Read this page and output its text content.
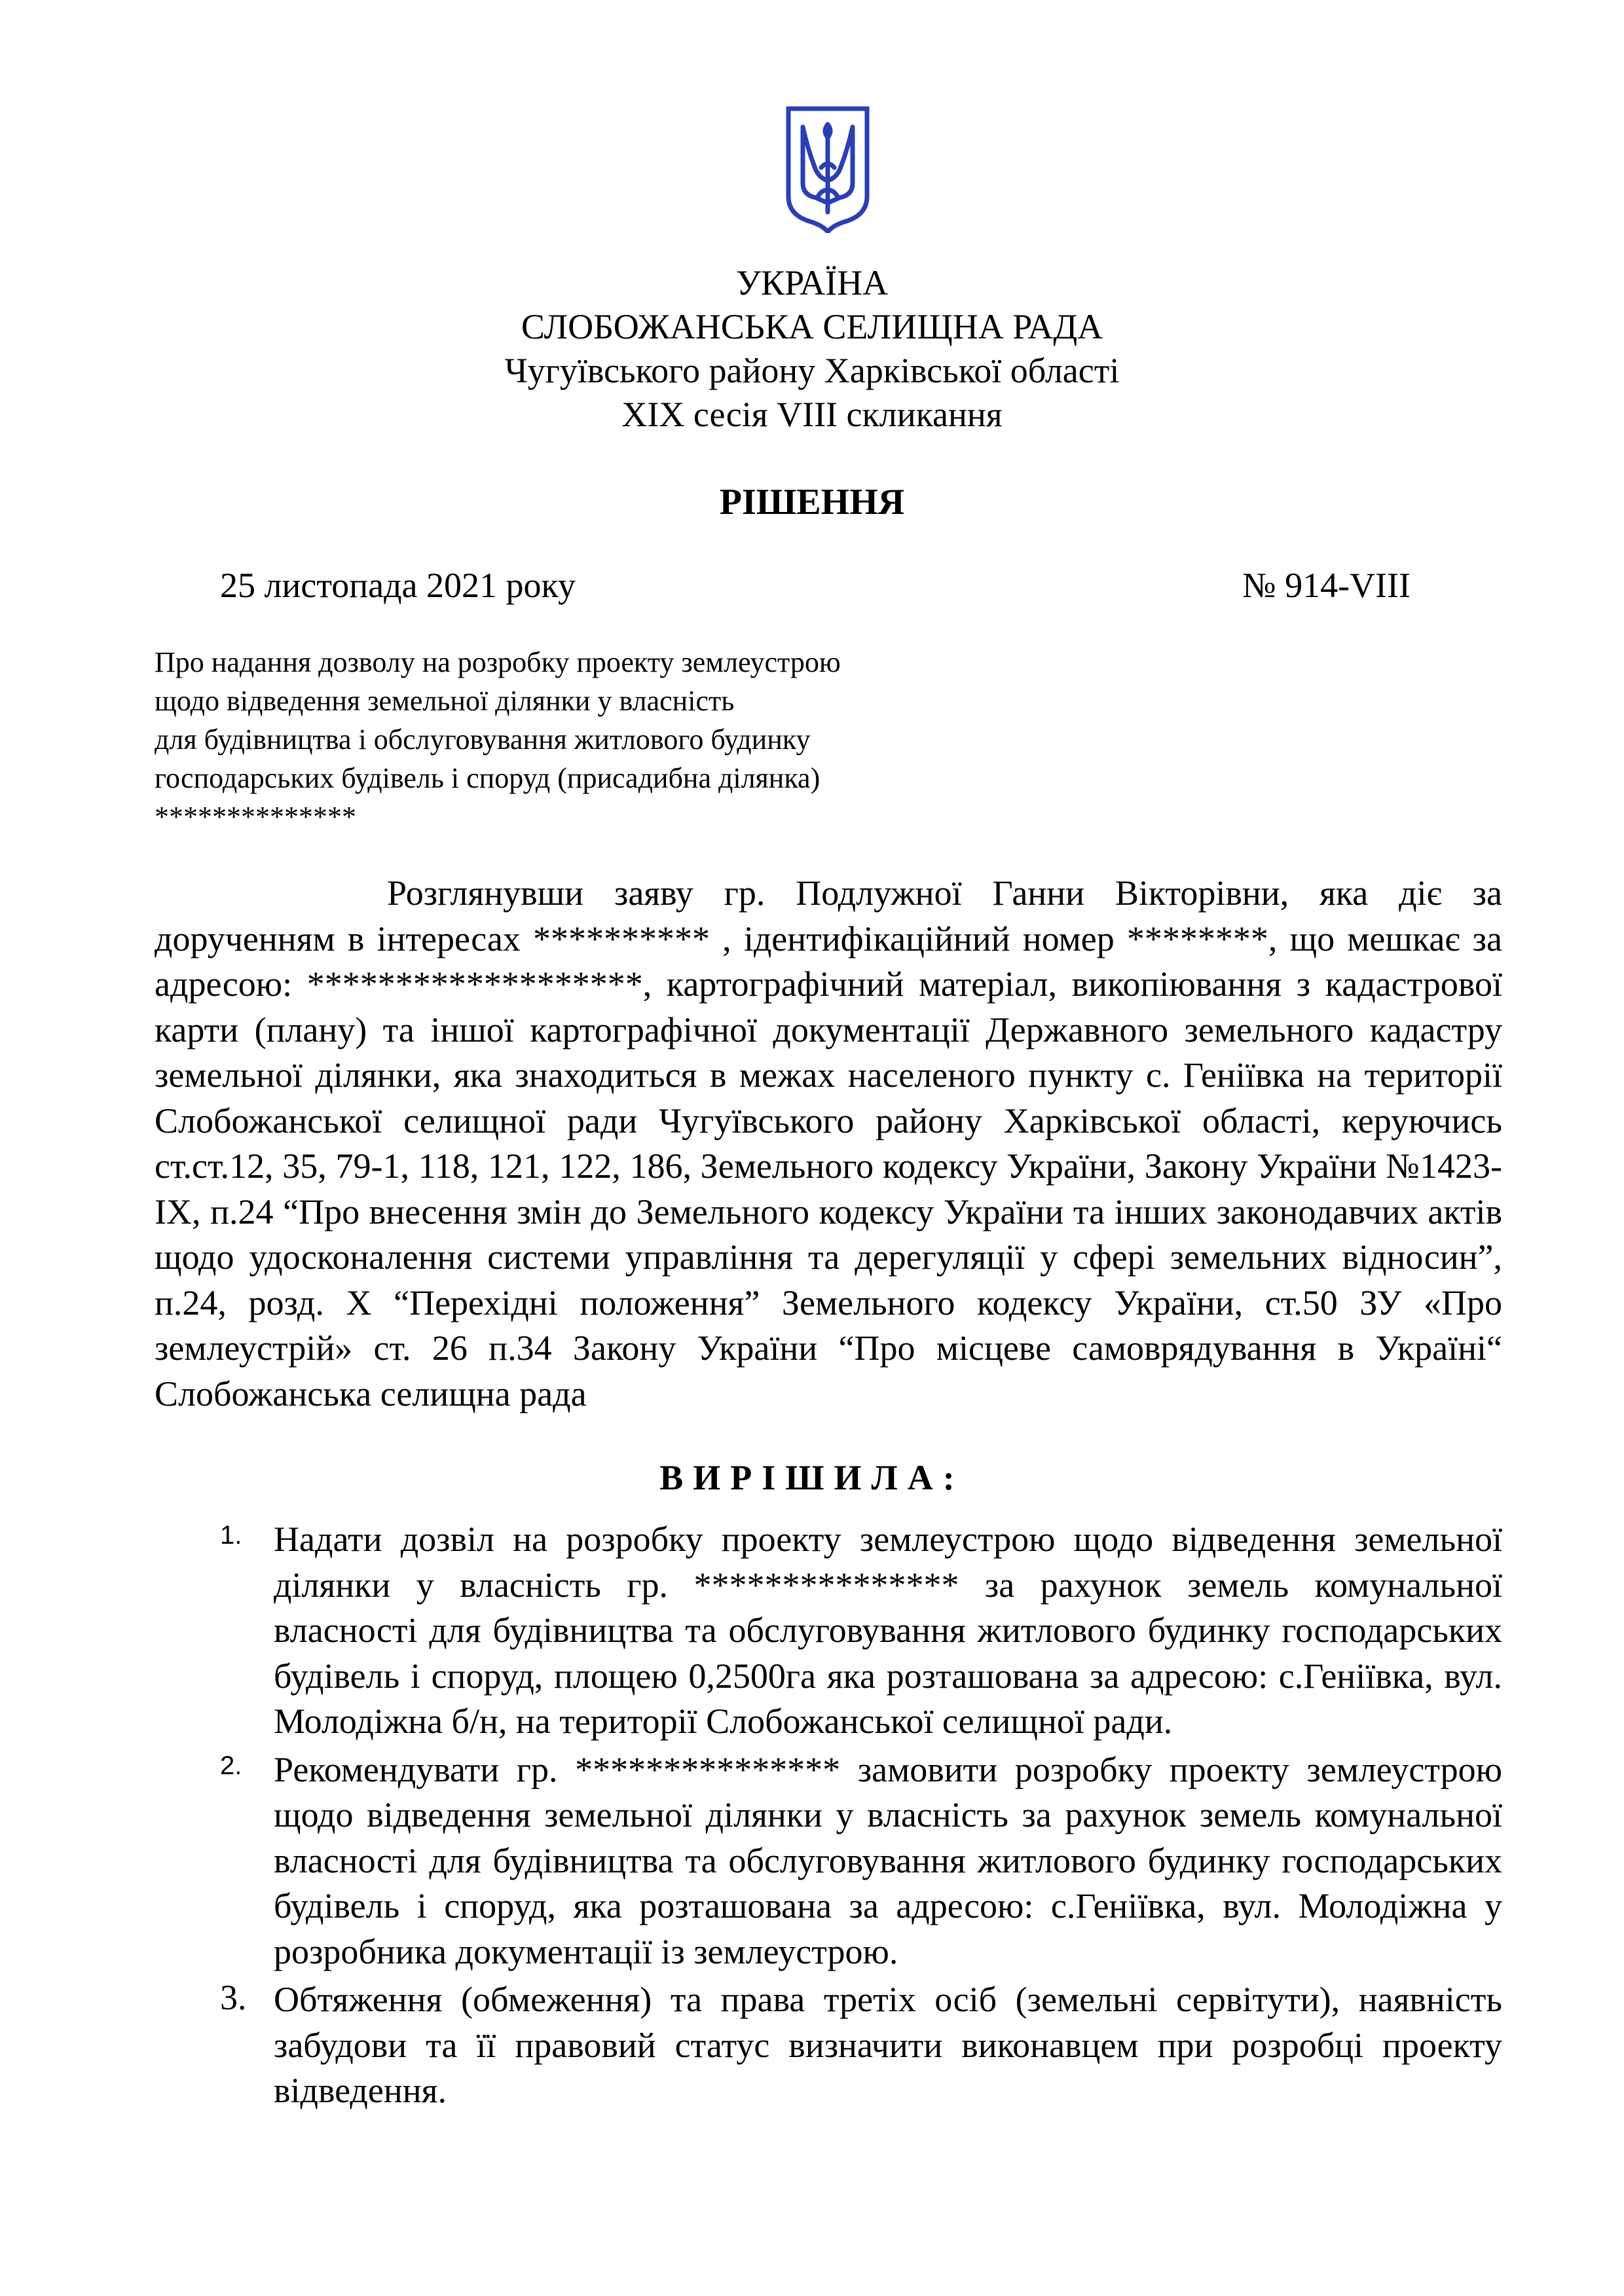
УКРАЇНА
СЛОБОЖАНСЬКА СЕЛИЩНА РАДА
Чугуївського району Харківської області
XIX сесія VIII скликання
РІШЕННЯ
25 листопада 2021 року	№ 914-VIII
Про надання дозволу на розробку проекту землеустрою
щодо відведення земельної ділянки у власність
для будівництва і обслуговування житлового будинку
господарських будівель і споруд (присадибна ділянка)
**************
Розглянувши заяву гр. Подлужної Ганни Вікторівни, яка діє за дорученням в інтересах ********** , ідентифікаційний номер ********, що мешкає за адресою: *******************, картографічний матеріал, викопіювання з кадастрової карти (плану) та іншої картографічної документації Державного земельного кадастру земельної ділянки, яка знаходиться в межах населеного пункту с. Геніївка на території Слобожанської селищної ради Чугуївського району Харківської області, керуючись ст.ст.12, 35, 79-1, 118, 121, 122, 186, Земельного кодексу України, Закону України №1423-IX, п.24 “Про внесення змін до Земельного кодексу України та інших законодавчих актів щодо удосконалення системи управління та дерегуляції у сфері земельних відносин”, п.24, розд. X “Перехідні положення” Земельного кодексу України, ст.50 ЗУ «Про землеустрій» ст. 26 п.34 Закону України “Про місцеве самоврядування в Україні“ Слобожанська селищна рада
ВИРІШИЛА:
1. Надати дозвіл на розробку проекту землеустрою щодо відведення земельної ділянки у власність гр. *************** за рахунок земель комунальної власності для будівництва та обслуговування житлового будинку господарських будівель і споруд, площею 0,2500га яка розташована за адресою: с.Геніївка, вул. Молодіжна б/н, на території Слобожанської селищної ради.
2. Рекомендувати гр. *************** замовити розробку проекту землеустрою щодо відведення земельної ділянки у власність за рахунок земель комунальної власності для будівництва та обслуговування житлового будинку господарських будівель і споруд, яка розташована за адресою: с.Геніївка, вул. Молодіжна у розробника документації із землеустрою.
3. Обтяження (обмеження) та права третіх осіб (земельні сервітути), наявність забудови та її правовий статус визначити виконавцем при розробці проекту відведення.
